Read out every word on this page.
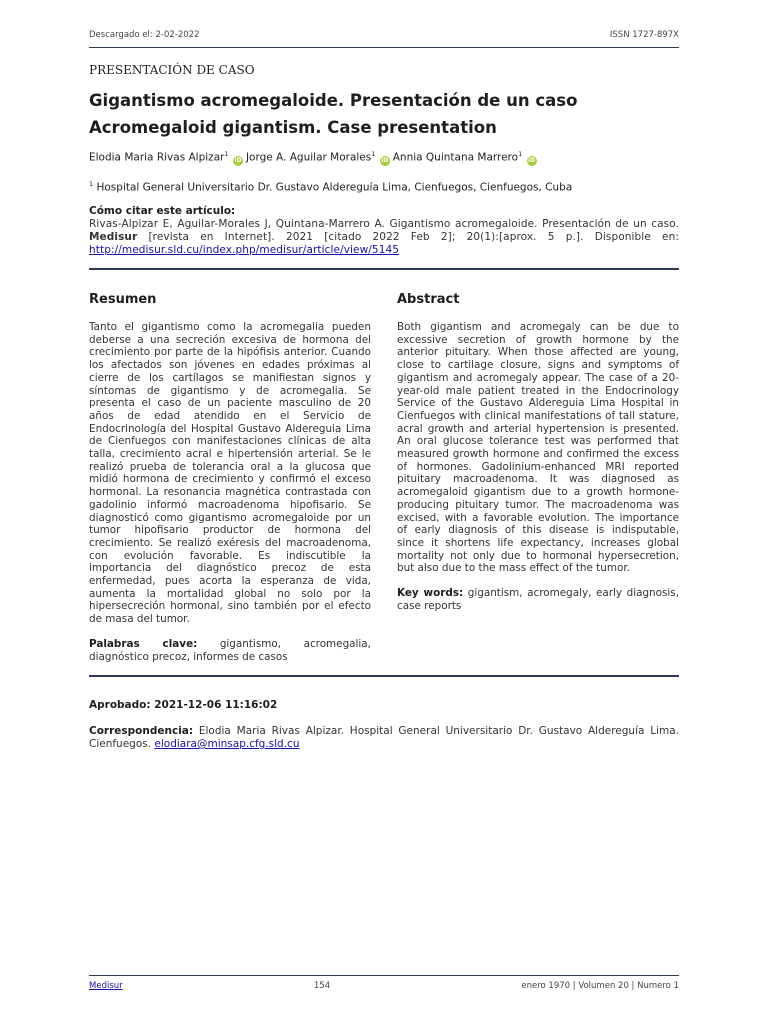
Descargado el: 2-02-2022	ISSN 1727-897X
PRESENTACIÓN DE CASO
Gigantismo acromegaloide. Presentación de un caso
Acromegaloid gigantism. Case presentation
Elodia Maria Rivas Alpizar$^1$ iD Jorge A. Aguilar Morales$^1$ iD Annia Quintana Marrero$^1$ iD
$^1$ Hospital General Universitario Dr. Gustavo Aldereguía Lima, Cienfuegos, Cienfuegos, Cuba
Cómo citar este artículo:

Rivas-Alpizar E, Aguilar-Morales J, Quintana-Marrero A. Gigantismo acromegaloide. Presentación de un caso. Medisur [revista en Internet]. 2021 [citado 2022 Feb 2]; 20(1):[aprox. 5 p.]. Disponible en: http://medisur.sld.cu/index.php/medisur/article/view/5145

Resumen

Tanto el gigantismo como la acromegalia pueden deberse a una secreción excesiva de hormona del crecimiento por parte de la hipófisis anterior. Cuando los afectados son jóvenes en edades próximas al cierre de los cartílagos se manifiestan signos y síntomas de gigantismo y de acromegalia. Se presenta el caso de un paciente masculino de 20 años de edad atendido en el Servicio de Endocrinología del Hospital Gustavo Aldereguia Lima de Cienfuegos con manifestaciones clínicas de alta talla, crecimiento acral e hipertensión arterial. Se le realizó prueba de tolerancia oral a la glucosa que midió hormona de crecimiento y confirmó el exceso hormonal. La resonancia magnética contrastada con gadolinio informó macroadenoma hipofisario. Se diagnosticó como gigantismo acromegaloide por un tumor hipofisario productor de hormona del crecimiento. Se realizó exéresis del macroadenoma, con evolución favorable. Es indiscutible la importancia del diagnóstico precoz de esta enfermedad, pues acorta la esperanza de vida, aumenta la mortalidad global no solo por la hipersecreción hormonal, sino también por el efecto de masa del tumor.

Palabras clave: gigantismo, acromegalia, diagnóstico precoz, informes de casos

Abstract

Both gigantism and acromegaly can be due to excessive secretion of growth hormone by the anterior pituitary. When those affected are young, close to cartilage closure, signs and symptoms of gigantism and acromegaly appear. The case of a 20-year-old male patient treated in the Endocrinology Service of the Gustavo Aldereguia Lima Hospital in Cienfuegos with clinical manifestations of tall stature, acral growth and arterial hypertension is presented. An oral glucose tolerance test was performed that measured growth hormone and confirmed the excess of hormones. Gadolinium-enhanced MRI reported pituitary macroadenoma. It was diagnosed as acromegaloid gigantism due to a growth hormone-producing pituitary tumor. The macroadenoma was excised, with a favorable evolution. The importance of early diagnosis of this disease is indisputable, since it shortens life expectancy, increases global mortality not only due to hormonal hypersecretion, but also due to the mass effect of the tumor.

Key words: gigantism, acromegaly, early diagnosis, case reports

Aprobado: 2021-12-06 11:16:02
Correspondencia: Elodia Maria Rivas Alpizar. Hospital General Universitario Dr. Gustavo Aldereguía Lima. Cienfuegos. elodiara@minsap.cfg.sld.cu
Medisur	154	enero 1970 | Volumen 20 | Numero 1
